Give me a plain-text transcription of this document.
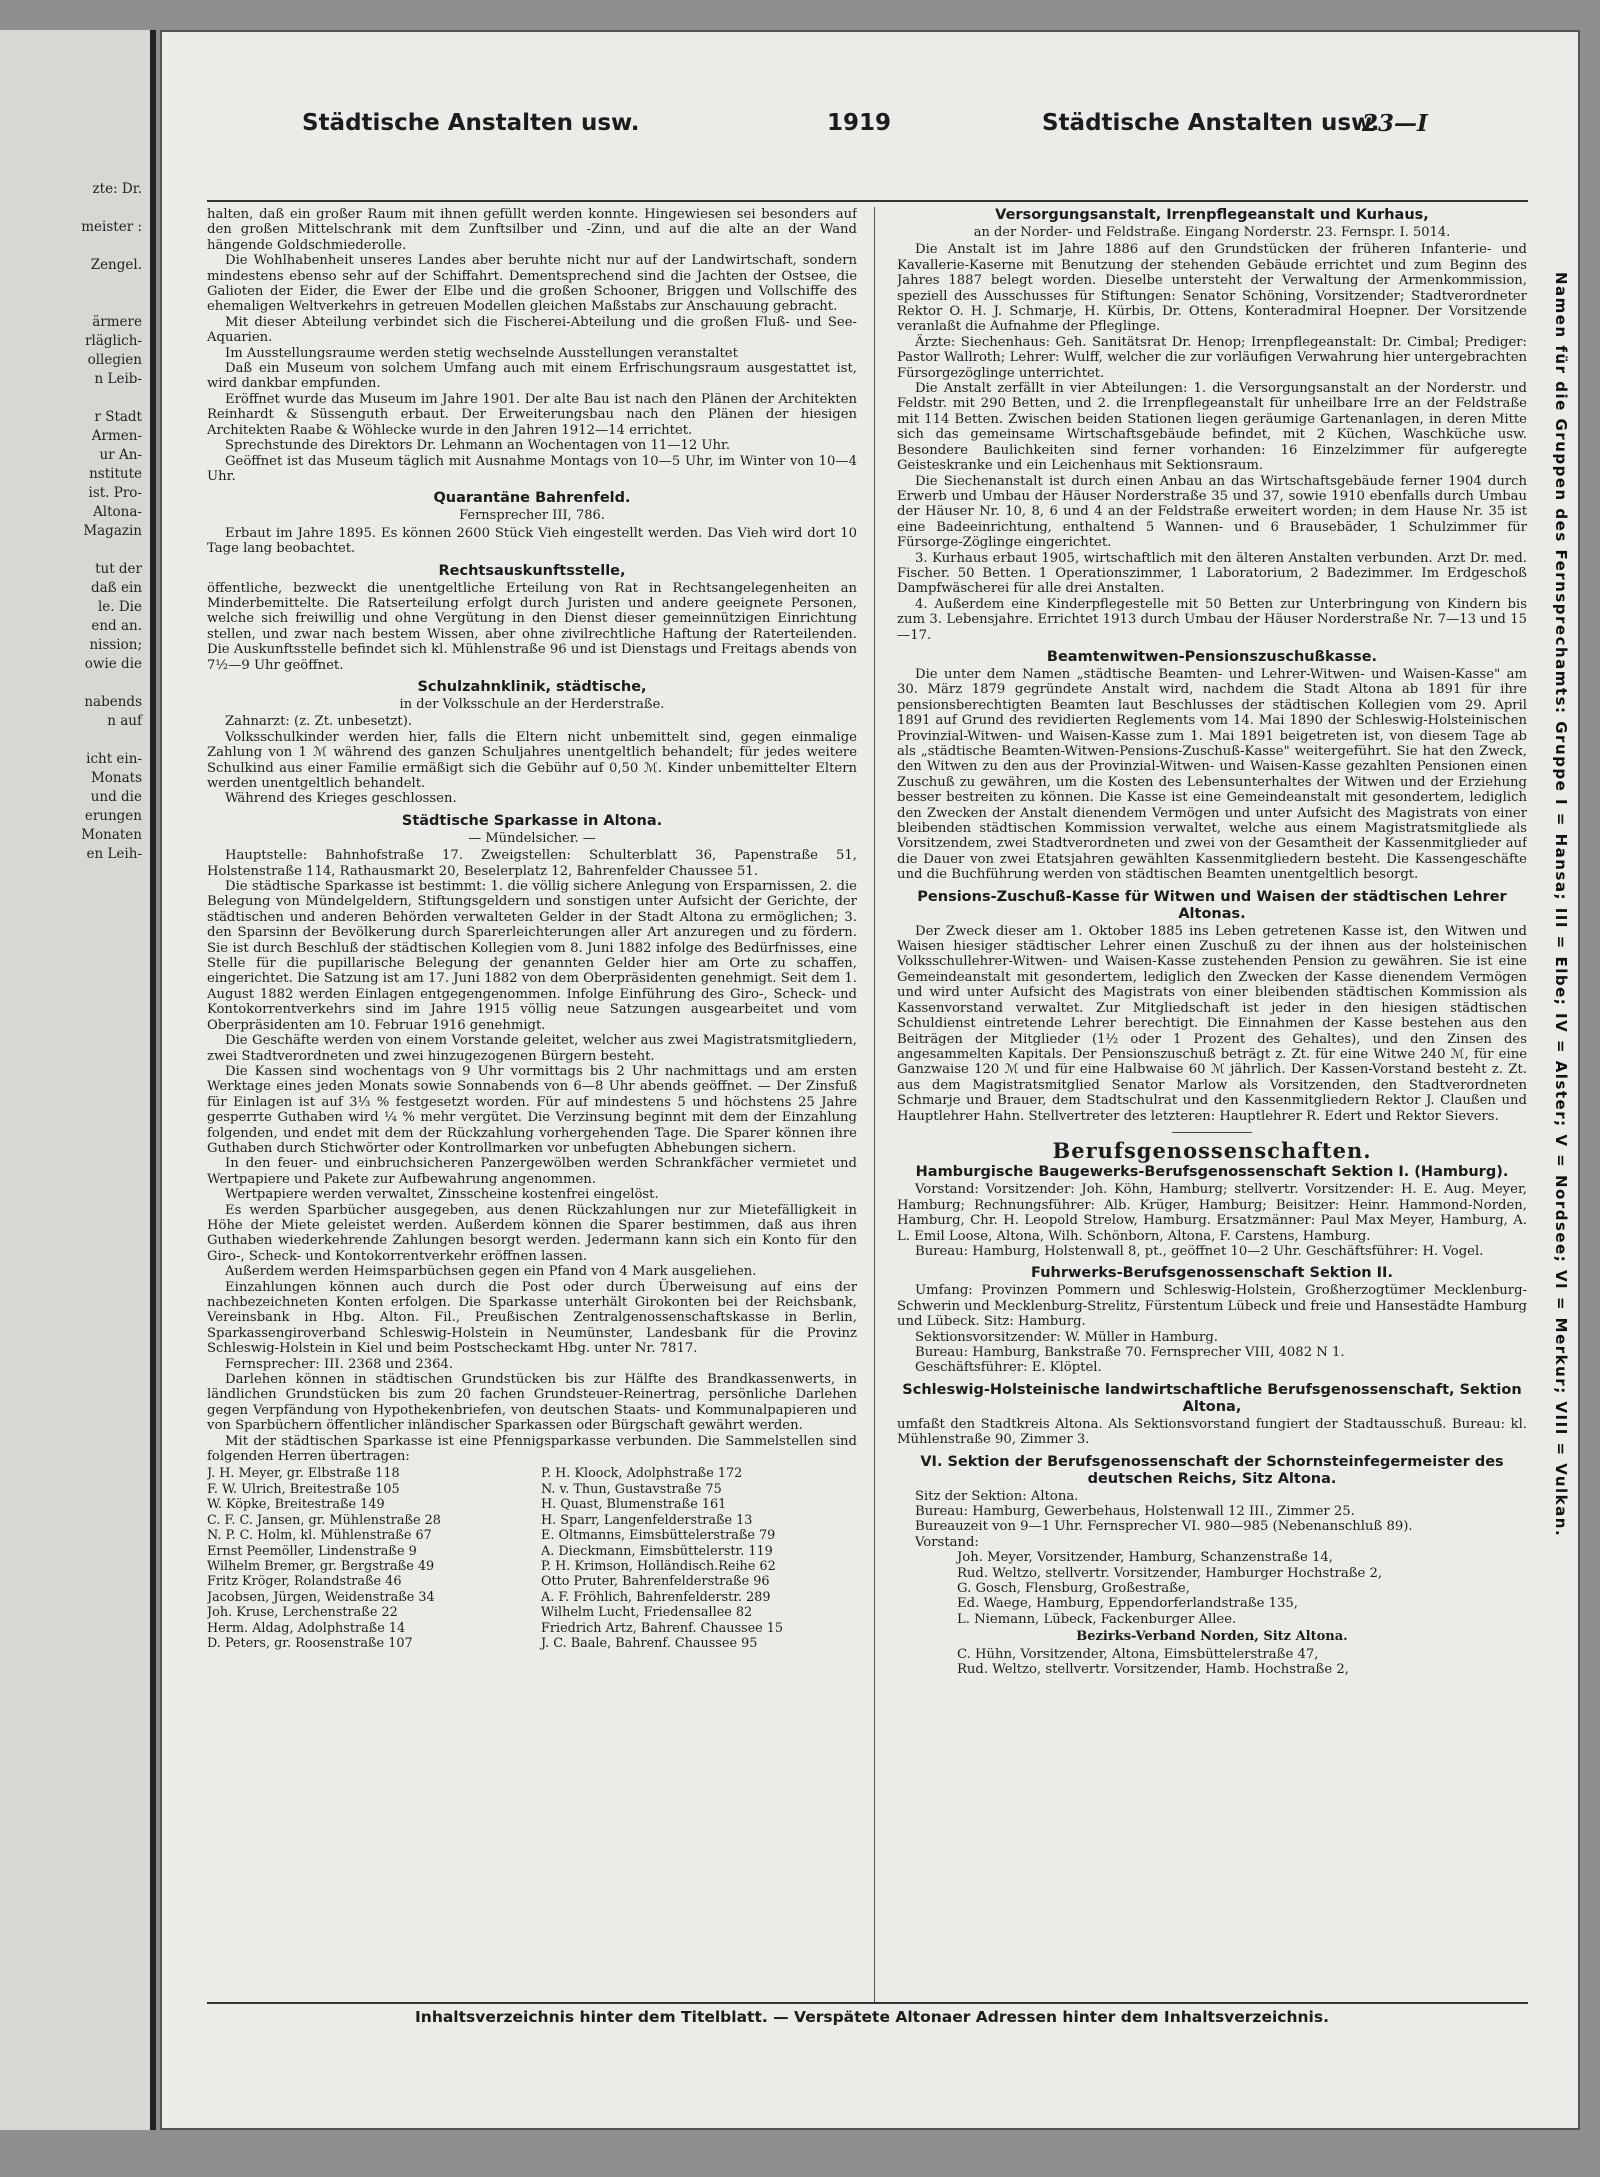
zte: Dr.

meister :

Zengel.

ärmere
rläglich-
ollegien
n Leib-

r Stadt
Armen-
ur An-
nstitute
ist. Pro-
Altona-
Magazin

tut der
daß ein
le. Die
end an.
nission;
owie die

nabends
n auf

icht ein-
Monats
und die
erungen
Monaten
en Leih-
Städtische Anstalten usw.	1919	Städtische Anstalten usw.
23—I
Namen für die Gruppen des Fernsprechamts: Gruppe I = Hansa; III = Elbe; IV = Alster; V = Nordsee; VI = Merkur; VIII = Vulkan.

halten, daß ein großer Raum mit ihnen gefüllt werden konnte. Hingewiesen sei besonders auf den großen Mittelschrank mit dem Zunftsilber und -Zinn, und auf die alte an der Wand hängende Goldschmiederolle.

Die Wohlhabenheit unseres Landes aber beruhte nicht nur auf der Landwirtschaft, sondern mindestens ebenso sehr auf der Schiffahrt. Dementsprechend sind die Jachten der Ostsee, die Galioten der Eider, die Ewer der Elbe und die großen Schooner, Briggen und Vollschiffe des ehemaligen Weltverkehrs in getreuen Modellen gleichen Maßstabs zur Anschauung gebracht.

Mit dieser Abteilung verbindet sich die Fischerei-Abteilung und die großen Fluß- und See-Aquarien.

Im Ausstellungsraume werden stetig wechselnde Ausstellungen veranstaltet

Daß ein Museum von solchem Umfang auch mit einem Erfrischungsraum ausgestattet ist, wird dankbar empfunden.

Eröffnet wurde das Museum im Jahre 1901. Der alte Bau ist nach den Plänen der Architekten Reinhardt & Süssenguth erbaut. Der Erweiterungsbau nach den Plänen der hiesigen Architekten Raabe & Wöhlecke wurde in den Jahren 1912—14 errichtet.

Sprechstunde des Direktors Dr. Lehmann an Wochentagen von 11—12 Uhr.

Geöffnet ist das Museum täglich mit Ausnahme Montags von 10—5 Uhr, im Winter von 10—4 Uhr.

Quarantäne Bahrenfeld.
Fernsprecher III, 786.

Erbaut im Jahre 1895. Es können 2600 Stück Vieh eingestellt werden. Das Vieh wird dort 10 Tage lang beobachtet.

Rechtsauskunftsstelle,

öffentliche, bezweckt die unentgeltliche Erteilung von Rat in Rechtsangelegenheiten an Minderbemittelte. Die Ratserteilung erfolgt durch Juristen und andere geeignete Personen, welche sich freiwillig und ohne Vergütung in den Dienst dieser gemeinnützigen Einrichtung stellen, und zwar nach bestem Wissen, aber ohne zivilrechtliche Haftung der Raterteilenden. Die Auskunftsstelle befindet sich kl. Mühlenstraße 96 und ist Dienstags und Freitags abends von 7½—9 Uhr geöffnet.

Schulzahnklinik, städtische,
in der Volksschule an der Herderstraße.

Zahnarzt: (z. Zt. unbesetzt).

Volksschulkinder werden hier, falls die Eltern nicht unbemittelt sind, gegen einmalige Zahlung von 1 ℳ während des ganzen Schuljahres unentgeltlich behandelt; für jedes weitere Schulkind aus einer Familie ermäßigt sich die Gebühr auf 0,50 ℳ. Kinder unbemittelter Eltern werden unentgeltlich behandelt.

Während des Krieges geschlossen.

Städtische Sparkasse in Altona.
— Mündelsicher. —

Hauptstelle: Bahnhofstraße 17. Zweigstellen: Schulterblatt 36, Papenstraße 51, Holstenstraße 114, Rathausmarkt 20, Beselerplatz 12, Bahrenfelder Chaussee 51.

Die städtische Sparkasse ist bestimmt: 1. die völlig sichere Anlegung von Ersparnissen, 2. die Belegung von Mündelgeldern, Stiftungsgeldern und sonstigen unter Aufsicht der Gerichte, der städtischen und anderen Behörden verwalteten Gelder in der Stadt Altona zu ermöglichen; 3. den Sparsinn der Bevölkerung durch Sparerleichterungen aller Art anzuregen und zu fördern. Sie ist durch Beschluß der städtischen Kollegien vom 8. Juni 1882 infolge des Bedürfnisses, eine Stelle für die pupillarische Belegung der genannten Gelder hier am Orte zu schaffen, eingerichtet. Die Satzung ist am 17. Juni 1882 von dem Oberpräsidenten genehmigt. Seit dem 1. August 1882 werden Einlagen entgegengenommen. Infolge Einführung des Giro-, Scheck- und Kontokorrentverkehrs sind im Jahre 1915 völlig neue Satzungen ausgearbeitet und vom Oberpräsidenten am 10. Februar 1916 genehmigt.

Die Geschäfte werden von einem Vorstande geleitet, welcher aus zwei Magistratsmitgliedern, zwei Stadtverordneten und zwei hinzugezogenen Bürgern besteht.

Die Kassen sind wochentags von 9 Uhr vormittags bis 2 Uhr nachmittags und am ersten Werktage eines jeden Monats sowie Sonnabends von 6—8 Uhr abends geöffnet. — Der Zinsfuß für Einlagen ist auf 3⅓ % festgesetzt worden. Für auf mindestens 5 und höchstens 25 Jahre gesperrte Guthaben wird ¼ % mehr vergütet. Die Verzinsung beginnt mit dem der Einzahlung folgenden, und endet mit dem der Rückzahlung vorhergehenden Tage. Die Sparer können ihre Guthaben durch Stichwörter oder Kontrollmarken vor unbefugten Abhebungen sichern.

In den feuer- und einbruchsicheren Panzergewölben werden Schrankfächer vermietet und Wertpapiere und Pakete zur Aufbewahrung angenommen.

Wertpapiere werden verwaltet, Zinsscheine kostenfrei eingelöst.

Es werden Sparbücher ausgegeben, aus denen Rückzahlungen nur zur Mietefälligkeit in Höhe der Miete geleistet werden. Außerdem können die Sparer bestimmen, daß aus ihren Guthaben wiederkehrende Zahlungen besorgt werden. Jedermann kann sich ein Konto für den Giro-, Scheck- und Kontokorrentverkehr eröffnen lassen.

Außerdem werden Heimsparbüchsen gegen ein Pfand von 4 Mark ausgeliehen.

Einzahlungen können auch durch die Post oder durch Überweisung auf eins der nachbezeichneten Konten erfolgen. Die Sparkasse unterhält Girokonten bei der Reichsbank, Vereinsbank in Hbg. Alton. Fil., Preußischen Zentralgenossenschaftskasse in Berlin, Sparkassengiroverband Schleswig-Holstein in Neumünster, Landesbank für die Provinz Schleswig-Holstein in Kiel und beim Postscheckamt Hbg. unter Nr. 7817.

Fernsprecher: III. 2368 und 2364.

Darlehen können in städtischen Grundstücken bis zur Hälfte des Brandkassenwerts, in ländlichen Grundstücken bis zum 20 fachen Grundsteuer-Reinertrag, persönliche Darlehen gegen Verpfändung von Hypothekenbriefen, von deutschen Staats- und Kommunalpapieren und von Sparbüchern öffentlicher inländischer Sparkassen oder Bürgschaft gewährt werden.

Mit der städtischen Sparkasse ist eine Pfennigsparkasse verbunden. Die Sammelstellen sind folgenden Herren übertragen:

J. H. Meyer, gr. Elbstraße 118
F. W. Ulrich, Breitestraße 105
W. Köpke, Breitestraße 149
C. F. C. Jansen, gr. Mühlenstraße 28
N. P. C. Holm, kl. Mühlenstraße 67
Ernst Peemöller, Lindenstraße 9
Wilhelm Bremer, gr. Bergstraße 49
Fritz Kröger, Rolandstraße 46
Jacobsen, Jürgen, Weidenstraße 34
Joh. Kruse, Lerchenstraße 22
Herm. Aldag, Adolphstraße 14
D. Peters, gr. Roosenstraße 107
P. H. Kloock, Adolphstraße 172
N. v. Thun, Gustavstraße 75
H. Quast, Blumenstraße 161
H. Sparr, Langenfelderstraße 13
E. Oltmanns, Eimsbüttelerstraße 79
A. Dieckmann, Eimsbüttelerstr. 119
P. H. Krimson, Holländisch.Reihe 62
Otto Pruter, Bahrenfelderstraße 96
A. F. Fröhlich, Bahrenfelderstr. 289
Wilhelm Lucht, Friedensallee 82
Friedrich Artz, Bahrenf. Chaussee 15
J. C. Baale, Bahrenf. Chaussee 95
Versorgungsanstalt, Irrenpflegeanstalt und Kurhaus,
an der Norder- und Feldstraße. Eingang Norderstr. 23. Fernspr. I. 5014.

Die Anstalt ist im Jahre 1886 auf den Grundstücken der früheren Infanterie- und Kavallerie-Kaserne mit Benutzung der stehenden Gebäude errichtet und zum Beginn des Jahres 1887 belegt worden. Dieselbe untersteht der Verwaltung der Armenkommission, speziell des Ausschusses für Stiftungen: Senator Schöning, Vorsitzender; Stadtverordneter Rektor O. H. J. Schmarje, H. Kürbis, Dr. Ottens, Konteradmiral Hoepner. Der Vorsitzende veranlaßt die Aufnahme der Pfleglinge.

Ärzte: Siechenhaus: Geh. Sanitätsrat Dr. Henop; Irrenpflegeanstalt: Dr. Cimbal; Prediger: Pastor Wallroth; Lehrer: Wulff, welcher die zur vorläufigen Verwahrung hier untergebrachten Fürsorgezöglinge unterrichtet.

Die Anstalt zerfällt in vier Abteilungen: 1. die Versorgungsanstalt an der Norderstr. und Feldstr. mit 290 Betten, und 2. die Irrenpflegeanstalt für unheilbare Irre an der Feldstraße mit 114 Betten. Zwischen beiden Stationen liegen geräumige Gartenanlagen, in deren Mitte sich das gemeinsame Wirtschaftsgebäude befindet, mit 2 Küchen, Waschküche usw. Besondere Baulichkeiten sind ferner vorhanden: 16 Einzelzimmer für aufgeregte Geisteskranke und ein Leichenhaus mit Sektionsraum.

Die Siechenanstalt ist durch einen Anbau an das Wirtschaftsgebäude ferner 1904 durch Erwerb und Umbau der Häuser Norderstraße 35 und 37, sowie 1910 ebenfalls durch Umbau der Häuser Nr. 10, 8, 6 und 4 an der Feldstraße erweitert worden; in dem Hause Nr. 35 ist eine Badeeinrichtung, enthaltend 5 Wannen- und 6 Brausebäder, 1 Schulzimmer für Fürsorge-Zöglinge eingerichtet.

3. Kurhaus erbaut 1905, wirtschaftlich mit den älteren Anstalten verbunden. Arzt Dr. med. Fischer. 50 Betten. 1 Operationszimmer, 1 Laboratorium, 2 Badezimmer. Im Erdgeschoß Dampfwäscherei für alle drei Anstalten.

4. Außerdem eine Kinderpflegestelle mit 50 Betten zur Unterbringung von Kindern bis zum 3. Lebensjahre. Errichtet 1913 durch Umbau der Häuser Norderstraße Nr. 7—13 und 15—17.

Beamtenwitwen-Pensionszuschußkasse.

Die unter dem Namen „städtische Beamten- und Lehrer-Witwen- und Waisen-Kasse" am 30. März 1879 gegründete Anstalt wird, nachdem die Stadt Altona ab 1891 für ihre pensionsberechtigten Beamten laut Beschlusses der städtischen Kollegien vom 29. April 1891 auf Grund des revidierten Reglements vom 14. Mai 1890 der Schleswig-Holsteinischen Provinzial-Witwen- und Waisen-Kasse zum 1. Mai 1891 beigetreten ist, von diesem Tage ab als „städtische Beamten-Witwen-Pensions-Zuschuß-Kasse" weitergeführt. Sie hat den Zweck, den Witwen zu den aus der Provinzial-Witwen- und Waisen-Kasse gezahlten Pensionen einen Zuschuß zu gewähren, um die Kosten des Lebensunterhaltes der Witwen und der Erziehung besser bestreiten zu können. Die Kasse ist eine Gemeindeanstalt mit gesondertem, lediglich den Zwecken der Anstalt dienendem Vermögen und unter Aufsicht des Magistrats von einer bleibenden städtischen Kommission verwaltet, welche aus einem Magistratsmitgliede als Vorsitzendem, zwei Stadtverordneten und zwei von der Gesamtheit der Kassenmitglieder auf die Dauer von zwei Etatsjahren gewählten Kassenmitgliedern besteht. Die Kassengeschäfte und die Buchführung werden von städtischen Beamten unentgeltlich besorgt.

Pensions-Zuschuß-Kasse für Witwen und Waisen der städtischen Lehrer Altonas.

Der Zweck dieser am 1. Oktober 1885 ins Leben getretenen Kasse ist, den Witwen und Waisen hiesiger städtischer Lehrer einen Zuschuß zu der ihnen aus der holsteinischen Volksschullehrer-Witwen- und Waisen-Kasse zustehenden Pension zu gewähren. Sie ist eine Gemeindeanstalt mit gesondertem, lediglich den Zwecken der Kasse dienendem Vermögen und wird unter Aufsicht des Magistrats von einer bleibenden städtischen Kommission als Kassenvorstand verwaltet. Zur Mitgliedschaft ist jeder in den hiesigen städtischen Schuldienst eintretende Lehrer berechtigt. Die Einnahmen der Kasse bestehen aus den Beiträgen der Mitglieder (1½ oder 1 Prozent des Gehaltes), und den Zinsen des angesammelten Kapitals. Der Pensionszuschuß beträgt z. Zt. für eine Witwe 240 ℳ, für eine Ganzwaise 120 ℳ und für eine Halbwaise 60 ℳ jährlich. Der Kassen-Vorstand besteht z. Zt. aus dem Magistratsmitglied Senator Marlow als Vorsitzenden, den Stadtverordneten Schmarje und Brauer, dem Stadtschulrat und den Kassenmitgliedern Rektor J. Claußen und Hauptlehrer Hahn. Stellvertreter des letzteren: Hauptlehrer R. Edert und Rektor Sievers.

Berufsgenossenschaften.
Hamburgische Baugewerks-Berufsgenossenschaft Sektion I. (Hamburg).

Vorstand: Vorsitzender: Joh. Köhn, Hamburg; stellvertr. Vorsitzender: H. E. Aug. Meyer, Hamburg; Rechnungsführer: Alb. Krüger, Hamburg; Beisitzer: Heinr. Hammond-Norden, Hamburg, Chr. H. Leopold Strelow, Hamburg. Ersatzmänner: Paul Max Meyer, Hamburg, A. L. Emil Loose, Altona, Wilh. Schönborn, Altona, F. Carstens, Hamburg.

Bureau: Hamburg, Holstenwall 8, pt., geöffnet 10—2 Uhr. Geschäftsführer: H. Vogel.

Fuhrwerks-Berufsgenossenschaft Sektion II.

Umfang: Provinzen Pommern und Schleswig-Holstein, Großherzogtümer Mecklenburg-Schwerin und Mecklenburg-Strelitz, Fürstentum Lübeck und freie und Hansestädte Hamburg und Lübeck. Sitz: Hamburg.

Sektionsvorsitzender: W. Müller in Hamburg.

Bureau: Hamburg, Bankstraße 70. Fernsprecher VIII, 4082 N 1.

Geschäftsführer: E. Klöptel.

Schleswig-Holsteinische landwirtschaftliche Berufsgenossenschaft, Sektion Altona,

umfaßt den Stadtkreis Altona. Als Sektionsvorstand fungiert der Stadtausschuß. Bureau: kl. Mühlenstraße 90, Zimmer 3.

VI. Sektion der Berufsgenossenschaft der Schornsteinfegermeister des deutschen Reichs, Sitz Altona.

Sitz der Sektion: Altona.

Bureau: Hamburg, Gewerbehaus, Holstenwall 12 III., Zimmer 25.

Bureauzeit von 9—1 Uhr. Fernsprecher VI. 980—985 (Nebenanschluß 89).

Vorstand:

Joh. Meyer, Vorsitzender, Hamburg, Schanzenstraße 14,

Rud. Weltzo, stellvertr. Vorsitzender, Hamburger Hochstraße 2,

G. Gosch, Flensburg, Großestraße,

Ed. Waege, Hamburg, Eppendorferlandstraße 135,

L. Niemann, Lübeck, Fackenburger Allee.

Bezirks-Verband Norden, Sitz Altona.

C. Hühn, Vorsitzender, Altona, Eimsbüttelerstraße 47,

Rud. Weltzo, stellvertr. Vorsitzender, Hamb. Hochstraße 2,

Inhaltsverzeichnis hinter dem Titelblatt. — Verspätete Altonaer Adressen hinter dem Inhaltsverzeichnis.
